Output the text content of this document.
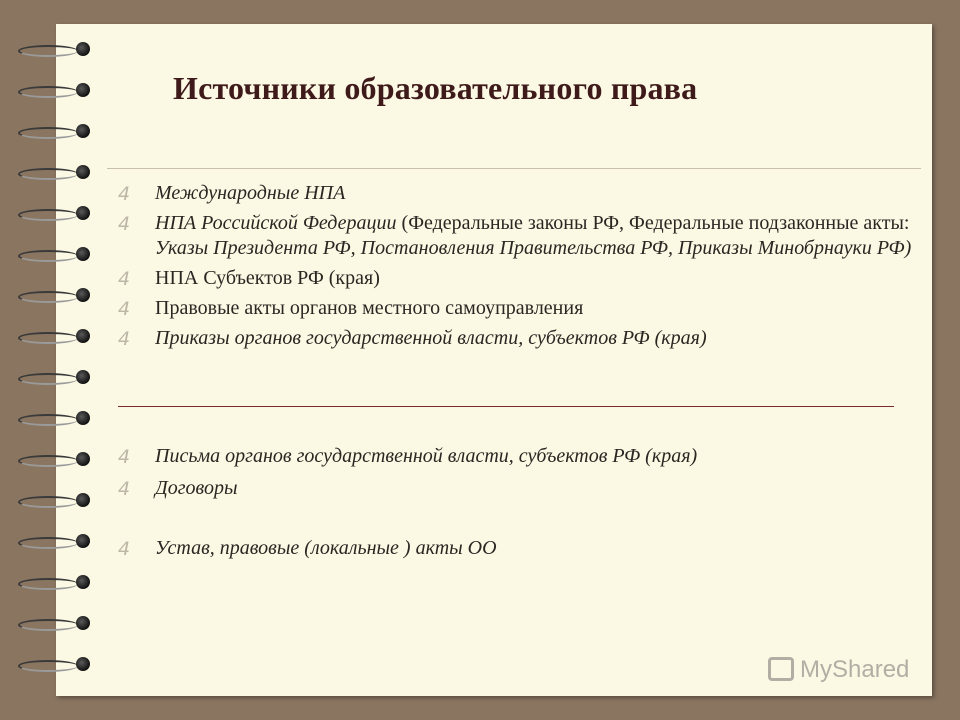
Источники образовательного права
4 Международные НПА
4 НПА Российской Федерации (Федеральные законы РФ, Федеральные подзаконные акты: Указы Президента РФ, Постановления Правительства РФ, Приказы Минобрнауки РФ)
4 НПА Субъектов РФ (края)
4 Правовые акты органов местного самоуправления
4 Приказы органов государственной власти, субъектов РФ (края)
4 Письма органов государственной власти, субъектов РФ (края)
4 Договоры
4 Устав, правовые (локальные ) акты ОО
MyShared
